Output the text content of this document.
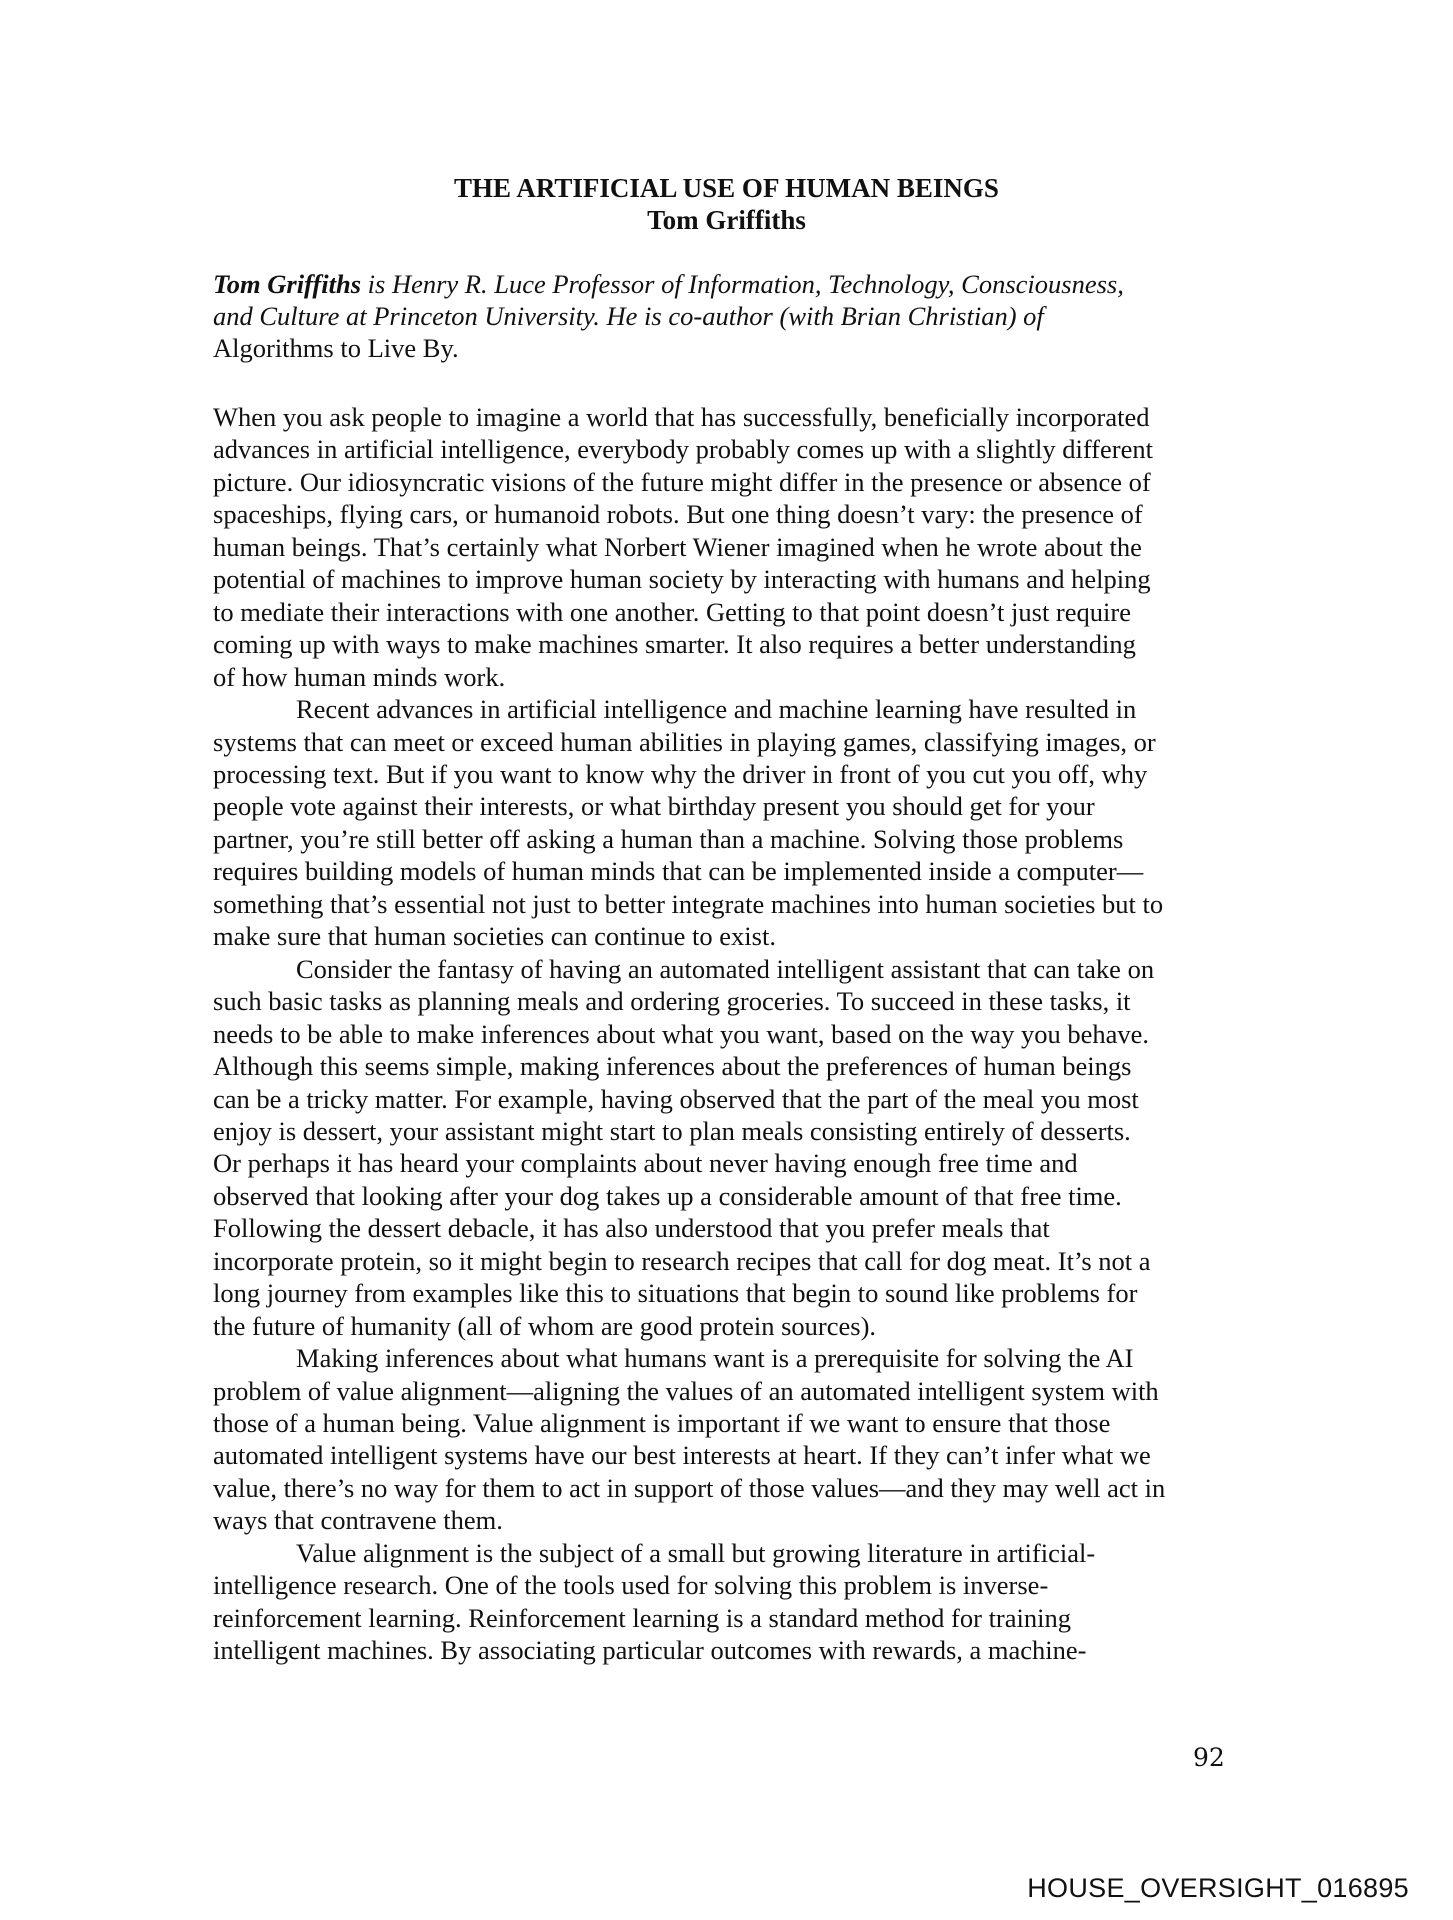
THE ARTIFICIAL USE OF HUMAN BEINGS
Tom Griffiths
Tom Griffiths is Henry R. Luce Professor of Information, Technology, Consciousness,
and Culture at Princeton University. He is co-author (with Brian Christian) of
Algorithms to Live By.
When you ask people to imagine a world that has successfully, beneficially incorporated
advances in artificial intelligence, everybody probably comes up with a slightly different
picture. Our idiosyncratic visions of the future might differ in the presence or absence of
spaceships, flying cars, or humanoid robots. But one thing doesn’t vary: the presence of
human beings. That’s certainly what Norbert Wiener imagined when he wrote about the
potential of machines to improve human society by interacting with humans and helping
to mediate their interactions with one another. Getting to that point doesn’t just require
coming up with ways to make machines smarter. It also requires a better understanding
of how human minds work.
Recent advances in artificial intelligence and machine learning have resulted in
systems that can meet or exceed human abilities in playing games, classifying images, or
processing text. But if you want to know why the driver in front of you cut you off, why
people vote against their interests, or what birthday present you should get for your
partner, you’re still better off asking a human than a machine. Solving those problems
requires building models of human minds that can be implemented inside a computer—
something that’s essential not just to better integrate machines into human societies but to
make sure that human societies can continue to exist.
Consider the fantasy of having an automated intelligent assistant that can take on
such basic tasks as planning meals and ordering groceries. To succeed in these tasks, it
needs to be able to make inferences about what you want, based on the way you behave.
Although this seems simple, making inferences about the preferences of human beings
can be a tricky matter. For example, having observed that the part of the meal you most
enjoy is dessert, your assistant might start to plan meals consisting entirely of desserts.
Or perhaps it has heard your complaints about never having enough free time and
observed that looking after your dog takes up a considerable amount of that free time.
Following the dessert debacle, it has also understood that you prefer meals that
incorporate protein, so it might begin to research recipes that call for dog meat. It’s not a
long journey from examples like this to situations that begin to sound like problems for
the future of humanity (all of whom are good protein sources).
Making inferences about what humans want is a prerequisite for solving the AI
problem of value alignment—aligning the values of an automated intelligent system with
those of a human being. Value alignment is important if we want to ensure that those
automated intelligent systems have our best interests at heart. If they can’t infer what we
value, there’s no way for them to act in support of those values—and they may well act in
ways that contravene them.
Value alignment is the subject of a small but growing literature in artificial-
intelligence research. One of the tools used for solving this problem is inverse-
reinforcement learning. Reinforcement learning is a standard method for training
intelligent machines. By associating particular outcomes with rewards, a machine-
92
HOUSE_OVERSIGHT_016895
